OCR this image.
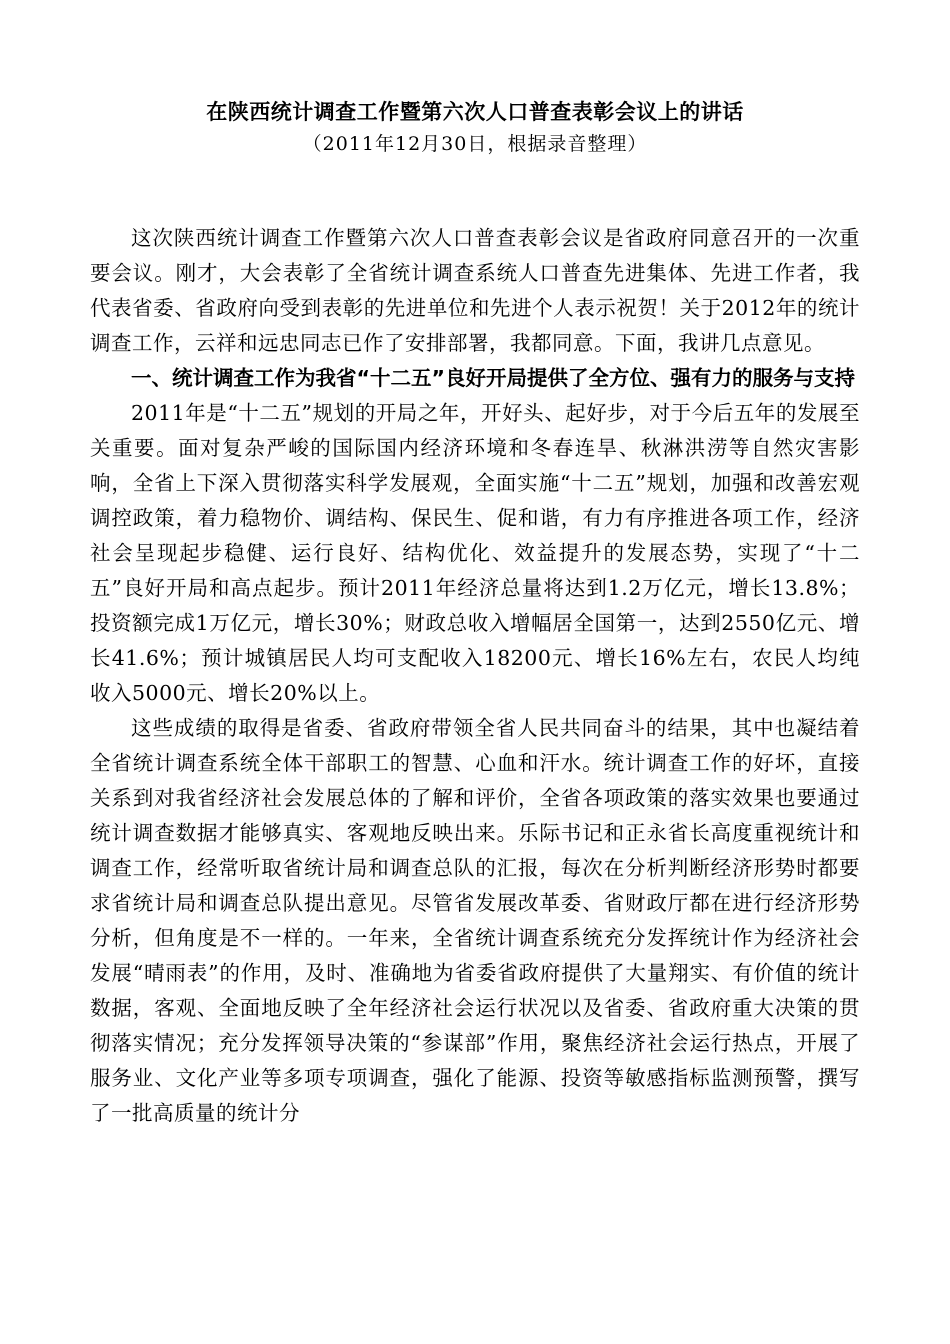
在陕西统计调查工作暨第六次人口普查表彰会议上的讲话

（2011年12月30日，根据录音整理）

这次陕西统计调查工作暨第六次人口普查表彰会议是省政府同意召开的一次重要会议。刚才，大会表彰了全省统计调查系统人口普查先进集体、先进工作者，我代表省委、省政府向受到表彰的先进单位和先进个人表示祝贺！关于2012年的统计调查工作，云祥和远忠同志已作了安排部署，我都同意。下面，我讲几点意见。

一、统计调查工作为我省“十二五”良好开局提供了全方位、强有力的服务与支持

2011年是“十二五”规划的开局之年，开好头、起好步，对于今后五年的发展至关重要。面对复杂严峻的国际国内经济环境和冬春连旱、秋淋洪涝等自然灾害影响，全省上下深入贯彻落实科学发展观，全面实施“十二五”规划，加强和改善宏观调控政策，着力稳物价、调结构、保民生、促和谐，有力有序推进各项工作，经济社会呈现起步稳健、运行良好、结构优化、效益提升的发展态势，实现了“十二五”良好开局和高点起步。预计2011年经济总量将达到1.2万亿元，增长13.8%；投资额完成1万亿元，增长30%；财政总收入增幅居全国第一，达到2550亿元、增长41.6%；预计城镇居民人均可支配收入18200元、增长16%左右，农民人均纯收入5000元、增长20%以上。

这些成绩的取得是省委、省政府带领全省人民共同奋斗的结果，其中也凝结着全省统计调查系统全体干部职工的智慧、心血和汗水。统计调查工作的好坏，直接关系到对我省经济社会发展总体的了解和评价，全省各项政策的落实效果也要通过统计调查数据才能够真实、客观地反映出来。乐际书记和正永省长高度重视统计和调查工作，经常听取省统计局和调查总队的汇报，每次在分析判断经济形势时都要求省统计局和调查总队提出意见。尽管省发展改革委、省财政厅都在进行经济形势分析，但角度是不一样的。一年来，全省统计调查系统充分发挥统计作为经济社会发展“晴雨表”的作用，及时、准确地为省委省政府提供了大量翔实、有价值的统计数据，客观、全面地反映了全年经济社会运行状况以及省委、省政府重大决策的贯彻落实情况；充分发挥领导决策的“参谋部”作用，聚焦经济社会运行热点，开展了服务业、文化产业等多项专项调查，强化了能源、投资等敏感指标监测预警，撰写了一批高质量的统计分
